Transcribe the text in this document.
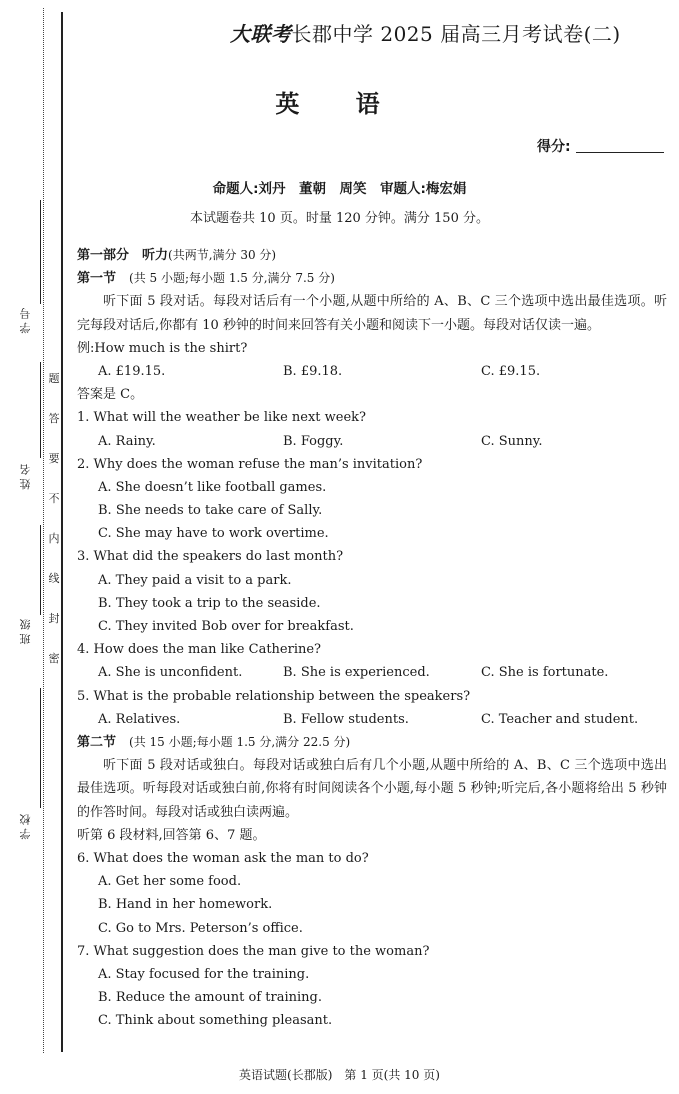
题
答
要
不
内
线
封
密
学 号
姓 名
班 级
学 校
大联考长郡中学 2025 届高三月考试卷(二)
英 语
得分:
命题人:刘丹　董朝　周笑　审题人:梅宏娟
本试题卷共 10 页。时量 120 分钟。满分 150 分。
第一部分　听力(共两节,满分 30 分)
第一节　 (共 5 小题;每小题 1.5 分,满分 7.5 分)

听下面 5 段对话。每段对话后有一个小题,从题中所给的 A、B、C 三个选项中选出最佳选项。听完每段对话后,你都有 10 秒钟的时间来回答有关小题和阅读下一小题。每段对话仅读一遍。

例:How much is the shirt?
A. £19.15.	B. £9.18.	C. £9.15.
答案是 C。
1. What will the weather be like next week?
A. Rainy.	B. Foggy.	C. Sunny.
2. Why does the woman refuse the man’s invitation?
A. She doesn’t like football games.
B. She needs to take care of Sally.
C. She may have to work overtime.
3. What did the speakers do last month?
A. They paid a visit to a park.
B. They took a trip to the seaside.
C. They invited Bob over for breakfast.
4. How does the man like Catherine?
A. She is unconfident.	B. She is experienced.	C. She is fortunate.
5. What is the probable relationship between the speakers?
A. Relatives.	B. Fellow students.	C. Teacher and student.
第二节　 (共 15 小题;每小题 1.5 分,满分 22.5 分)

听下面 5 段对话或独白。每段对话或独白后有几个小题,从题中所给的 A、B、C 三个选项中选出最佳选项。听每段对话或独白前,你将有时间阅读各个小题,每小题 5 秒钟;听完后,各小题将给出 5 秒钟的作答时间。每段对话或独白读两遍。

听第 6 段材料,回答第 6、7 题。
6. What does the woman ask the man to do?
A. Get her some food.
B. Hand in her homework.
C. Go to Mrs. Peterson’s office.
7. What suggestion does the man give to the woman?
A. Stay focused for the training.
B. Reduce the amount of training.
C. Think about something pleasant.
英语试题(长郡版)　第 1 页(共 10 页)
